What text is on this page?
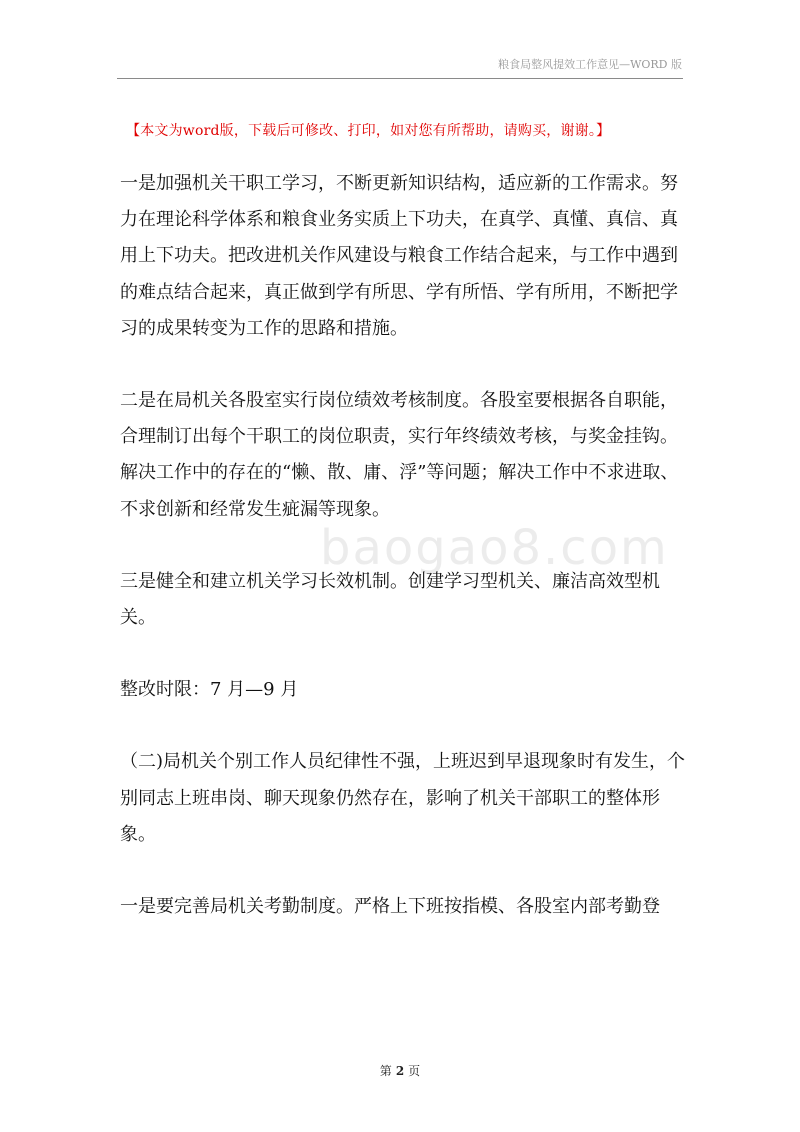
粮食局整风提效工作意见—WORD 版
【本文为word版，下载后可修改、打印，如对您有所帮助，请购买，谢谢。】
baogao8.com

一是加强机关干职工学习，不断更新知识结构，适应新的工作需求。努力在理论科学体系和粮食业务实质上下功夫，在真学、真懂、真信、真用上下功夫。把改进机关作风建设与粮食工作结合起来，与工作中遇到的难点结合起来，真正做到学有所思、学有所悟、学有所用，不断把学习的成果转变为工作的思路和措施。

二是在局机关各股室实行岗位绩效考核制度。各股室要根据各自职能，合理制订出每个干职工的岗位职责，实行年终绩效考核，与奖金挂钩。解决工作中的存在的“懒、散、庸、浮”等问题；解决工作中不求进取、不求创新和经常发生疵漏等现象。

三是健全和建立机关学习长效机制。创建学习型机关、廉洁高效型机关。

整改时限：7 月—9 月

（二)局机关个别工作人员纪律性不强，上班迟到早退现象时有发生，个别同志上班串岗、聊天现象仍然存在，影响了机关干部职工的整体形象。

一是要完善局机关考勤制度。严格上下班按指模、各股室内部考勤登

第 2 页
